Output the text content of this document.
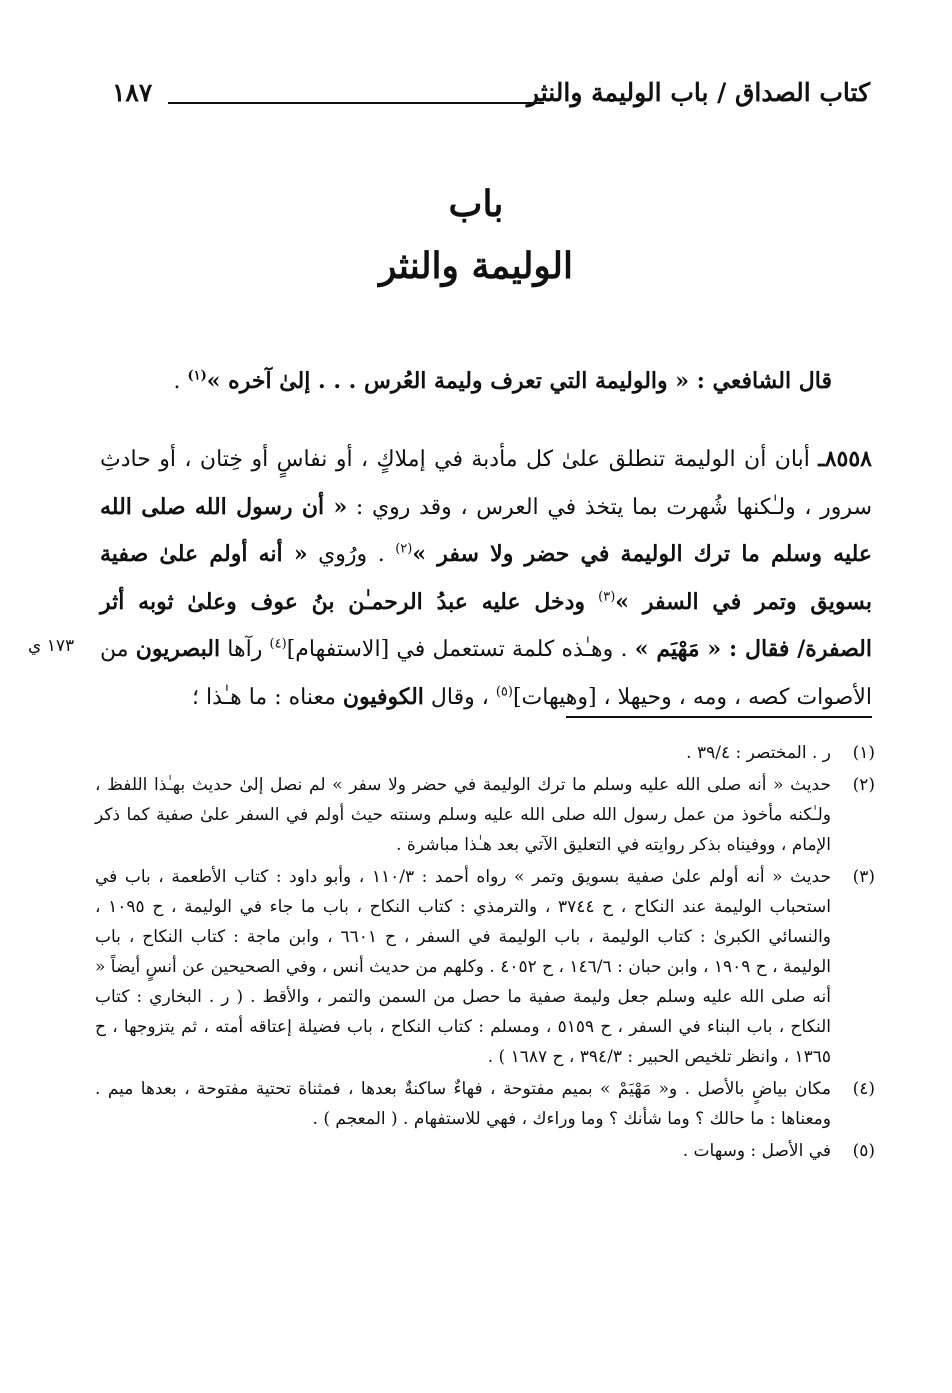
كتاب الصداق / باب الوليمة والنثر
١٨٧
باب
الوليمة والنثر
قال الشافعي : « والوليمة التي تعرف وليمة العُرس . . . إلىٰ آخره »$^{(١)}$ .
٨٥٥٨ـ أبان أن الوليمة تنطلق علىٰ كل مأدبة في إملاكٍ ، أو نفاسٍ أو خِتان ، أو حادثِ سرور ، ولـٰكنها شُهرت بما يتخذ في العرس ، وقد روي : « أن رسول الله صلى الله عليه وسلم ما ترك الوليمة في حضر ولا سفر »$^{(٢)}$ . ورُوي « أنه أولم علىٰ صفية بسويق وتمر في السفر »$^{(٣)}$ ودخل عليه عبدُ الرحمـٰن بنُ عوف وعلىٰ ثوبه أثر الصفرة/ فقال : « مَهْيَم » . وهـٰذه كلمة تستعمل في [الاستفهام]$^{(٤)}$ رآها البصريون من الأصوات كصه ، ومه ، وحيهلا ، [وهيهات]$^{(٥)}$ ، وقال الكوفيون معناه : ما هـٰذا ؛
١٧٣ ي
(١)
ر . المختصر : ٣٩/٤ .
(٢)
حديث « أنه صلى الله عليه وسلم ما ترك الوليمة في حضر ولا سفر » لم نصل إلىٰ حديث بهـٰذا اللفظ ، ولـٰكنه مأخوذ من عمل رسول الله صلى الله عليه وسلم وسنته حيث أولم في السفر علىٰ صفية كما ذكر الإمام ، ووفيناه بذكر روايته في التعليق الآتي بعد هـٰذا مباشرة .
(٣)
حديث « أنه أولم علىٰ صفية بسويق وتمر » رواه أحمد : ١١٠/٣ ، وأبو داود : كتاب الأطعمة ، باب في استحباب الوليمة عند النكاح ، ح ٣٧٤٤ ، والترمذي : كتاب النكاح ، باب ما جاء في الوليمة ، ح ١٠٩٥ ، والنسائي الكبرىٰ : كتاب الوليمة ، باب الوليمة في السفر ، ح ٦٦٠١ ، وابن ماجة : كتاب النكاح ، باب الوليمة ، ح ١٩٠٩ ، وابن حبان : ١٤٦/٦ ، ح ٤٠٥٢ . وكلهم من حديث أنس ، وفي الصحيحين عن أنسٍ أيضاً « أنه صلى الله عليه وسلم جعل وليمة صفية ما حصل من السمن والتمر ، والأقط . ( ر . البخاري : كتاب النكاح ، باب البناء في السفر ، ح ٥١٥٩ ، ومسلم : كتاب النكاح ، باب فضيلة إعتاقه أمته ، ثم يتزوجها ، ح ١٣٦٥ ، وانظر تلخيص الحبير : ٣٩٤/٣ ، ح ١٦٨٧ ) .
(٤)
مكان بياضٍ بالأصل . و« مَهْيَمْ » بميم مفتوحة ، فهاءٌ ساكنةٌ بعدها ، فمثناة تحتية مفتوحة ، بعدها ميم . ومعناها : ما حالك ؟ وما شأنك ؟ وما وراءك ، فهي للاستفهام . ( المعجم ) .
(٥)
في الأصل : وسهات .
